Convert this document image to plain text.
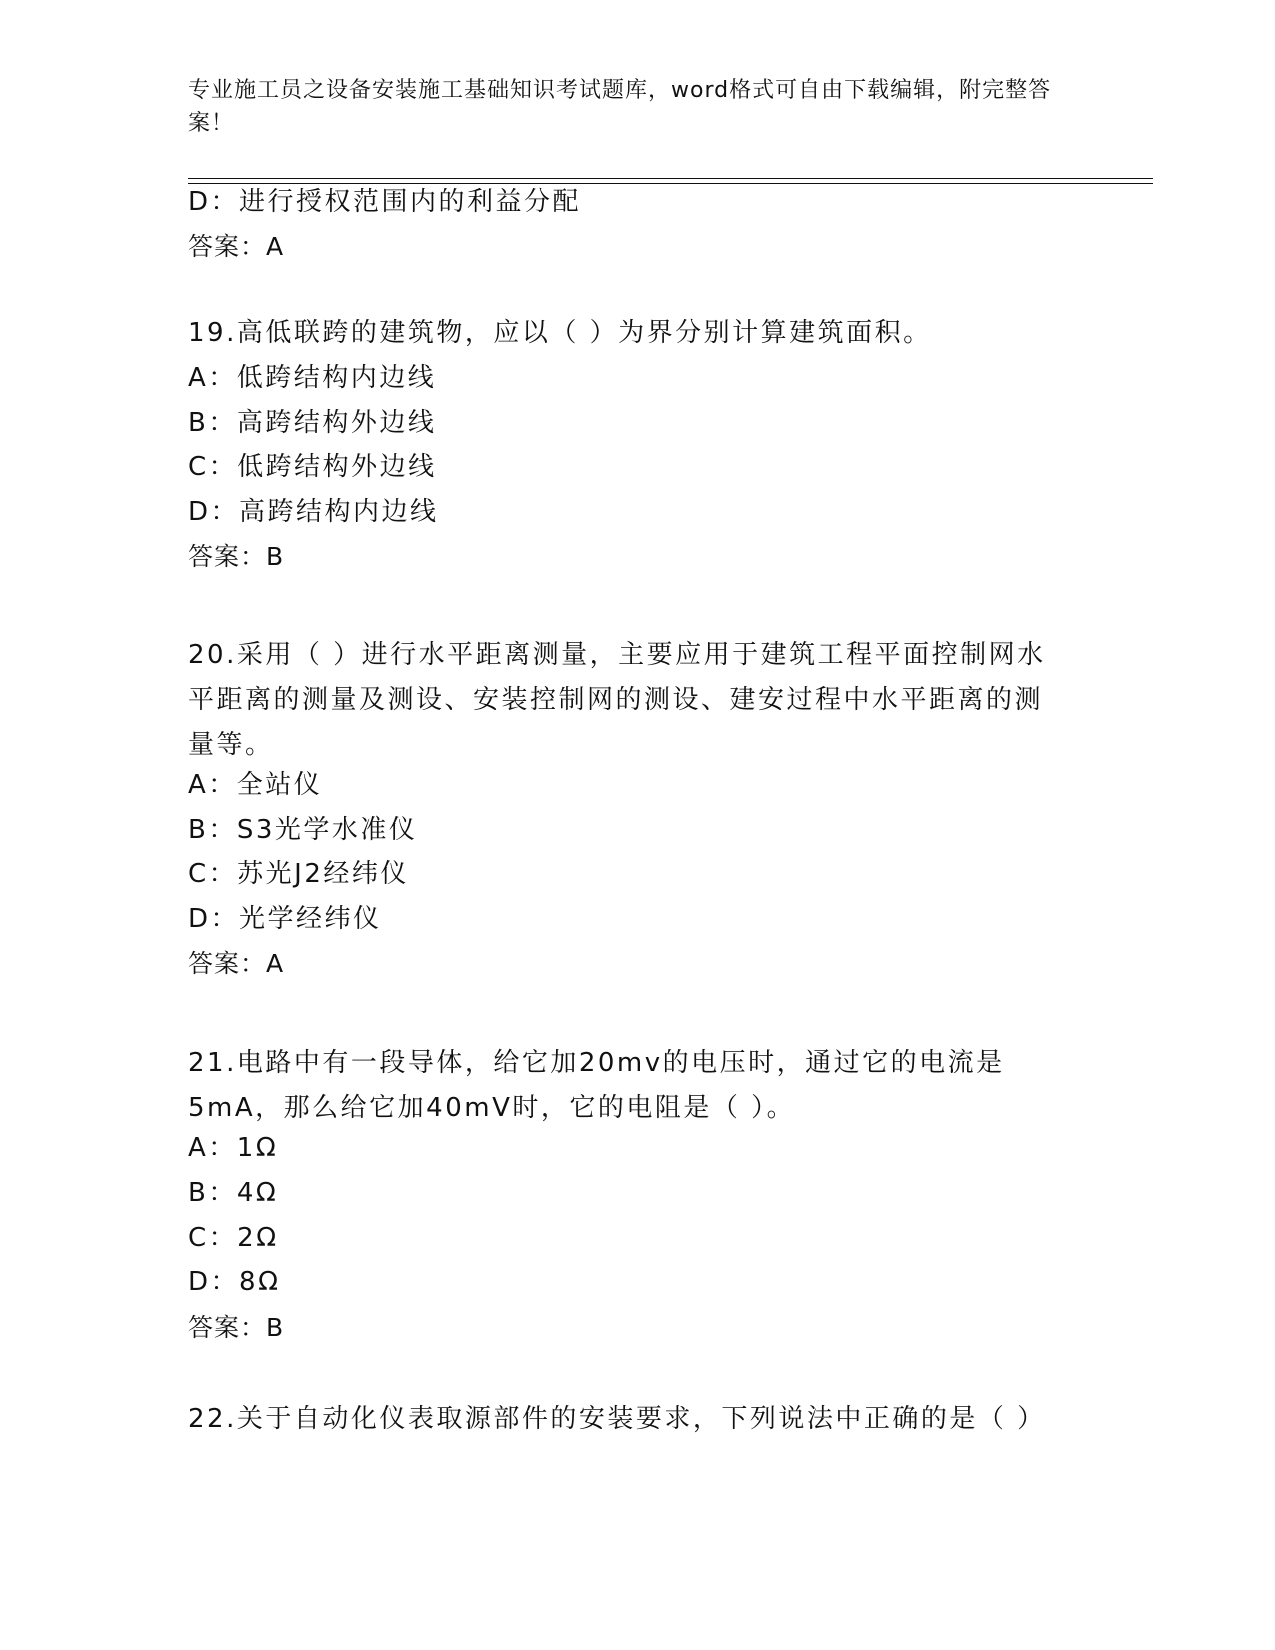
专业施工员之设备安装施工基础知识考试题库，word格式可自由下载编辑，附完整答案！
D：进行授权范围内的利益分配
答案：A
19.高低联跨的建筑物，应以（ ）为界分别计算建筑面积。
A：低跨结构内边线
B：高跨结构外边线
C：低跨结构外边线
D：高跨结构内边线
答案：B
20.采用（ ）进行水平距离测量，主要应用于建筑工程平面控制网水平距离的测量及测设、安装控制网的测设、建安过程中水平距离的测量等。
A：全站仪
B：S3光学水准仪
C：苏光J2经纬仪
D：光学经纬仪
答案：A
21.电路中有一段导体，给它加20mv的电压时，通过它的电流是5mA，那么给它加40mV时，它的电阻是（ ）。
A：1Ω
B：4Ω
C：2Ω
D：8Ω
答案：B
22.关于自动化仪表取源部件的安装要求，下列说法中正确的是（ ）
